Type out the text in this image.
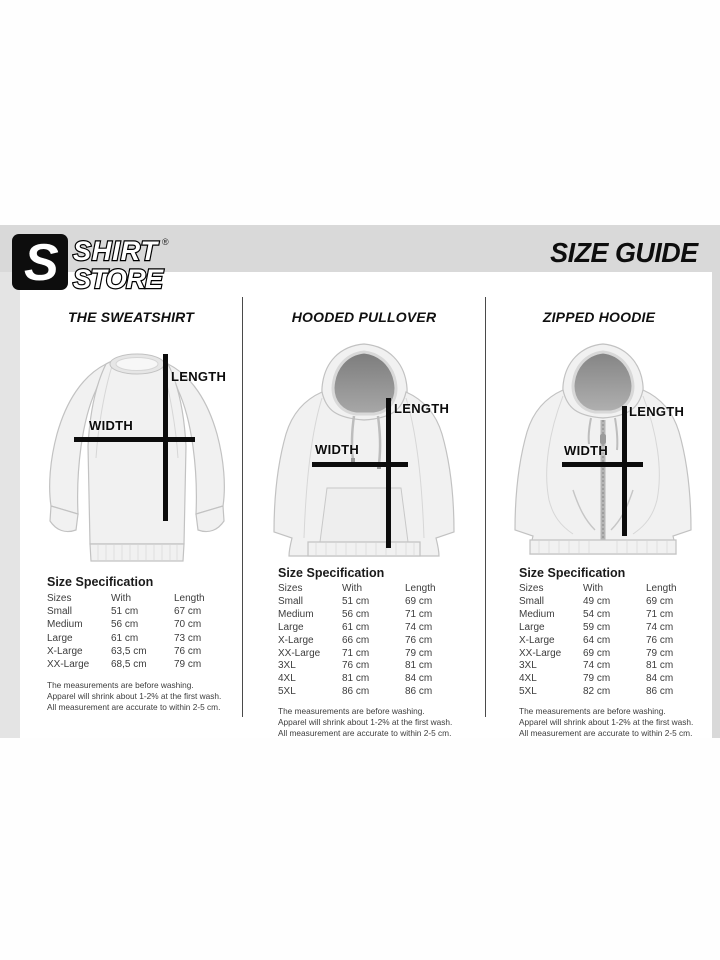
S SHIRT
STORE
®	SIZE GUIDE
THE SWEATSHIRT
LENGTH
WIDTH
Size Specification
Sizes	With	Length
Small	51 cm	67 cm
Medium	56 cm	70 cm
Large	61 cm	73 cm
X-Large	63,5 cm	76 cm
XX-Large	68,5 cm	79 cm
The measurements are before washing.
Apparel will shrink about 1-2% at the first wash.
All measurement are accurate to within 2-5 cm.
HOODED PULLOVER
LENGTH
WIDTH
Size Specification
Sizes	With	Length
Small	51 cm	69 cm
Medium	56 cm	71 cm
Large	61 cm	74 cm
X-Large	66 cm	76 cm
XX-Large	71 cm	79 cm
3XL	76 cm	81 cm
4XL	81 cm	84 cm
5XL	86 cm	86 cm
The measurements are before washing.
Apparel will shrink about 1-2% at the first wash.
All measurement are accurate to within 2-5 cm.
ZIPPED HOODIE
LENGTH
WIDTH
Size Specification
Sizes	With	Length
Small	49 cm	69 cm
Medium	54 cm	71 cm
Large	59 cm	74 cm
X-Large	64 cm	76 cm
XX-Large	69 cm	79 cm
3XL	74 cm	81 cm
4XL	79 cm	84 cm
5XL	82 cm	86 cm
The measurements are before washing.
Apparel will shrink about 1-2% at the first wash.
All measurement are accurate to within 2-5 cm.
